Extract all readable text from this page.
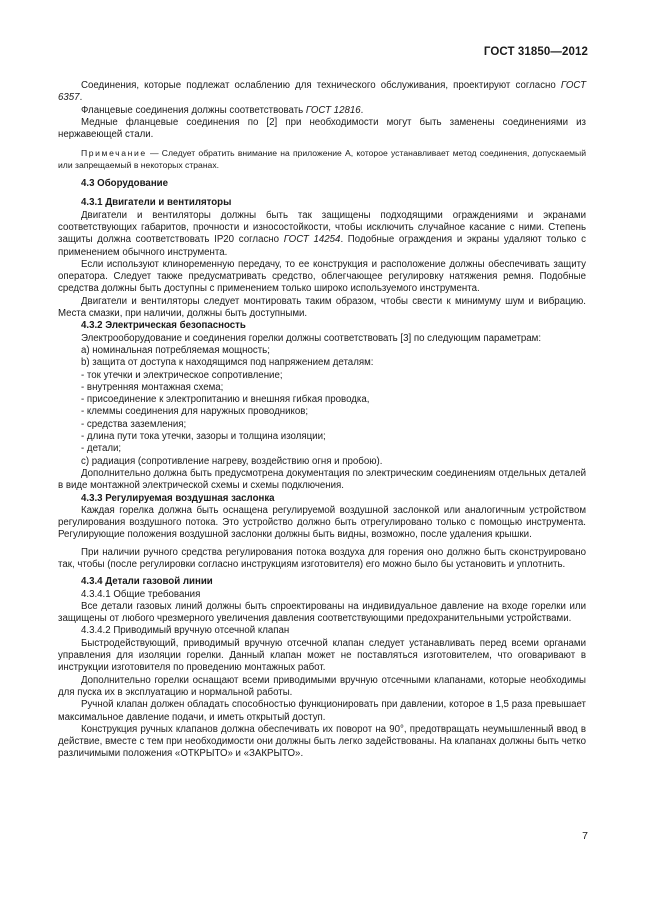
ГОСТ 31850—2012

Соединения, которые подлежат ослаблению для технического обслуживания, проектируют согласно ГОСТ 6357.

Фланцевые соединения должны соответствовать ГОСТ 12816.

Медные фланцевые соединения по [2] при необходимости могут быть заменены соединениями из нержавеющей стали.

Примечание — Следует обратить внимание на приложение А, которое устанавливает метод соединения, допускаемый или запрещаемый в некоторых странах.

4.3 Оборудование

4.3.1 Двигатели и вентиляторы

Двигатели и вентиляторы должны быть так защищены подходящими ограждениями и экранами соответствующих габаритов, прочности и износостойкости, чтобы исключить случайное касание с ними. Степень защиты должна соответствовать IP20 согласно ГОСТ 14254. Подобные ограждения и экраны удаляют только с применением обычного инструмента.

Если используют клиноременную передачу, то ее конструкция и расположение должны обеспечивать защиту оператора. Следует также предусматривать средство, облегчающее регулировку натяжения ремня. Подобные средства должны быть доступны с применением только широко используемого инструмента.

Двигатели и вентиляторы следует монтировать таким образом, чтобы свести к минимуму шум и вибрацию. Места смазки, при наличии, должны быть доступными.

4.3.2 Электрическая безопасность

Электрооборудование и соединения горелки должны соответствовать [3] по следующим параметрам:

а) номинальная потребляемая мощность;

b) защита от доступа к находящимся под напряжением деталям:

- ток утечки и электрическое сопротивление;

- внутренняя монтажная схема;

- присоединение к электропитанию и внешняя гибкая проводка,

- клеммы соединения для наружных проводников;

- средства заземления;

- длина пути тока утечки, зазоры и толщина изоляции;

- детали;

с) радиация (сопротивление нагреву, воздействию огня и пробою).

Дополнительно должна быть предусмотрена документация по электрическим соединениям отдельных деталей в виде монтажной электрической схемы и схемы подключения.

4.3.3 Регулируемая воздушная заслонка

Каждая горелка должна быть оснащена регулируемой воздушной заслонкой или аналогичным устройством регулирования воздушного потока. Это устройство должно быть отрегулировано только с помощью инструмента. Регулирующие положения воздушной заслонки должны быть видны, возможно, после удаления крышки.

При наличии ручного средства регулирования потока воздуха для горения оно должно быть сконструировано так, чтобы (после регулировки согласно инструкциям изготовителя) его можно было бы установить и уплотнить.

4.3.4 Детали газовой линии

4.3.4.1 Общие требования

Все детали газовых линий должны быть спроектированы на индивидуальное давление на входе горелки или защищены от любого чрезмерного увеличения давления соответствующими предохранительными устройствами.

4.3.4.2 Приводимый вручную отсечной клапан

Быстродействующий, приводимый вручную отсечной клапан следует устанавливать перед всеми органами управления для изоляции горелки. Данный клапан может не поставляться изготовителем, что оговаривают в инструкции изготовителя по проведению монтажных работ.

Дополнительно горелки оснащают всеми приводимыми вручную отсечными клапанами, которые необходимы для пуска их в эксплуатацию и нормальной работы.

Ручной клапан должен обладать способностью функционировать при давлении, которое в 1,5 раза превышает максимальное давление подачи, и иметь открытый доступ.

Конструкция ручных клапанов должна обеспечивать их поворот на 90°, предотвращать неумышленный ввод в действие, вместе с тем при необходимости они должны быть легко задействованы. На клапанах должны быть четко различимыми положения «ОТКРЫТО» и «ЗАКРЫТО».

7
